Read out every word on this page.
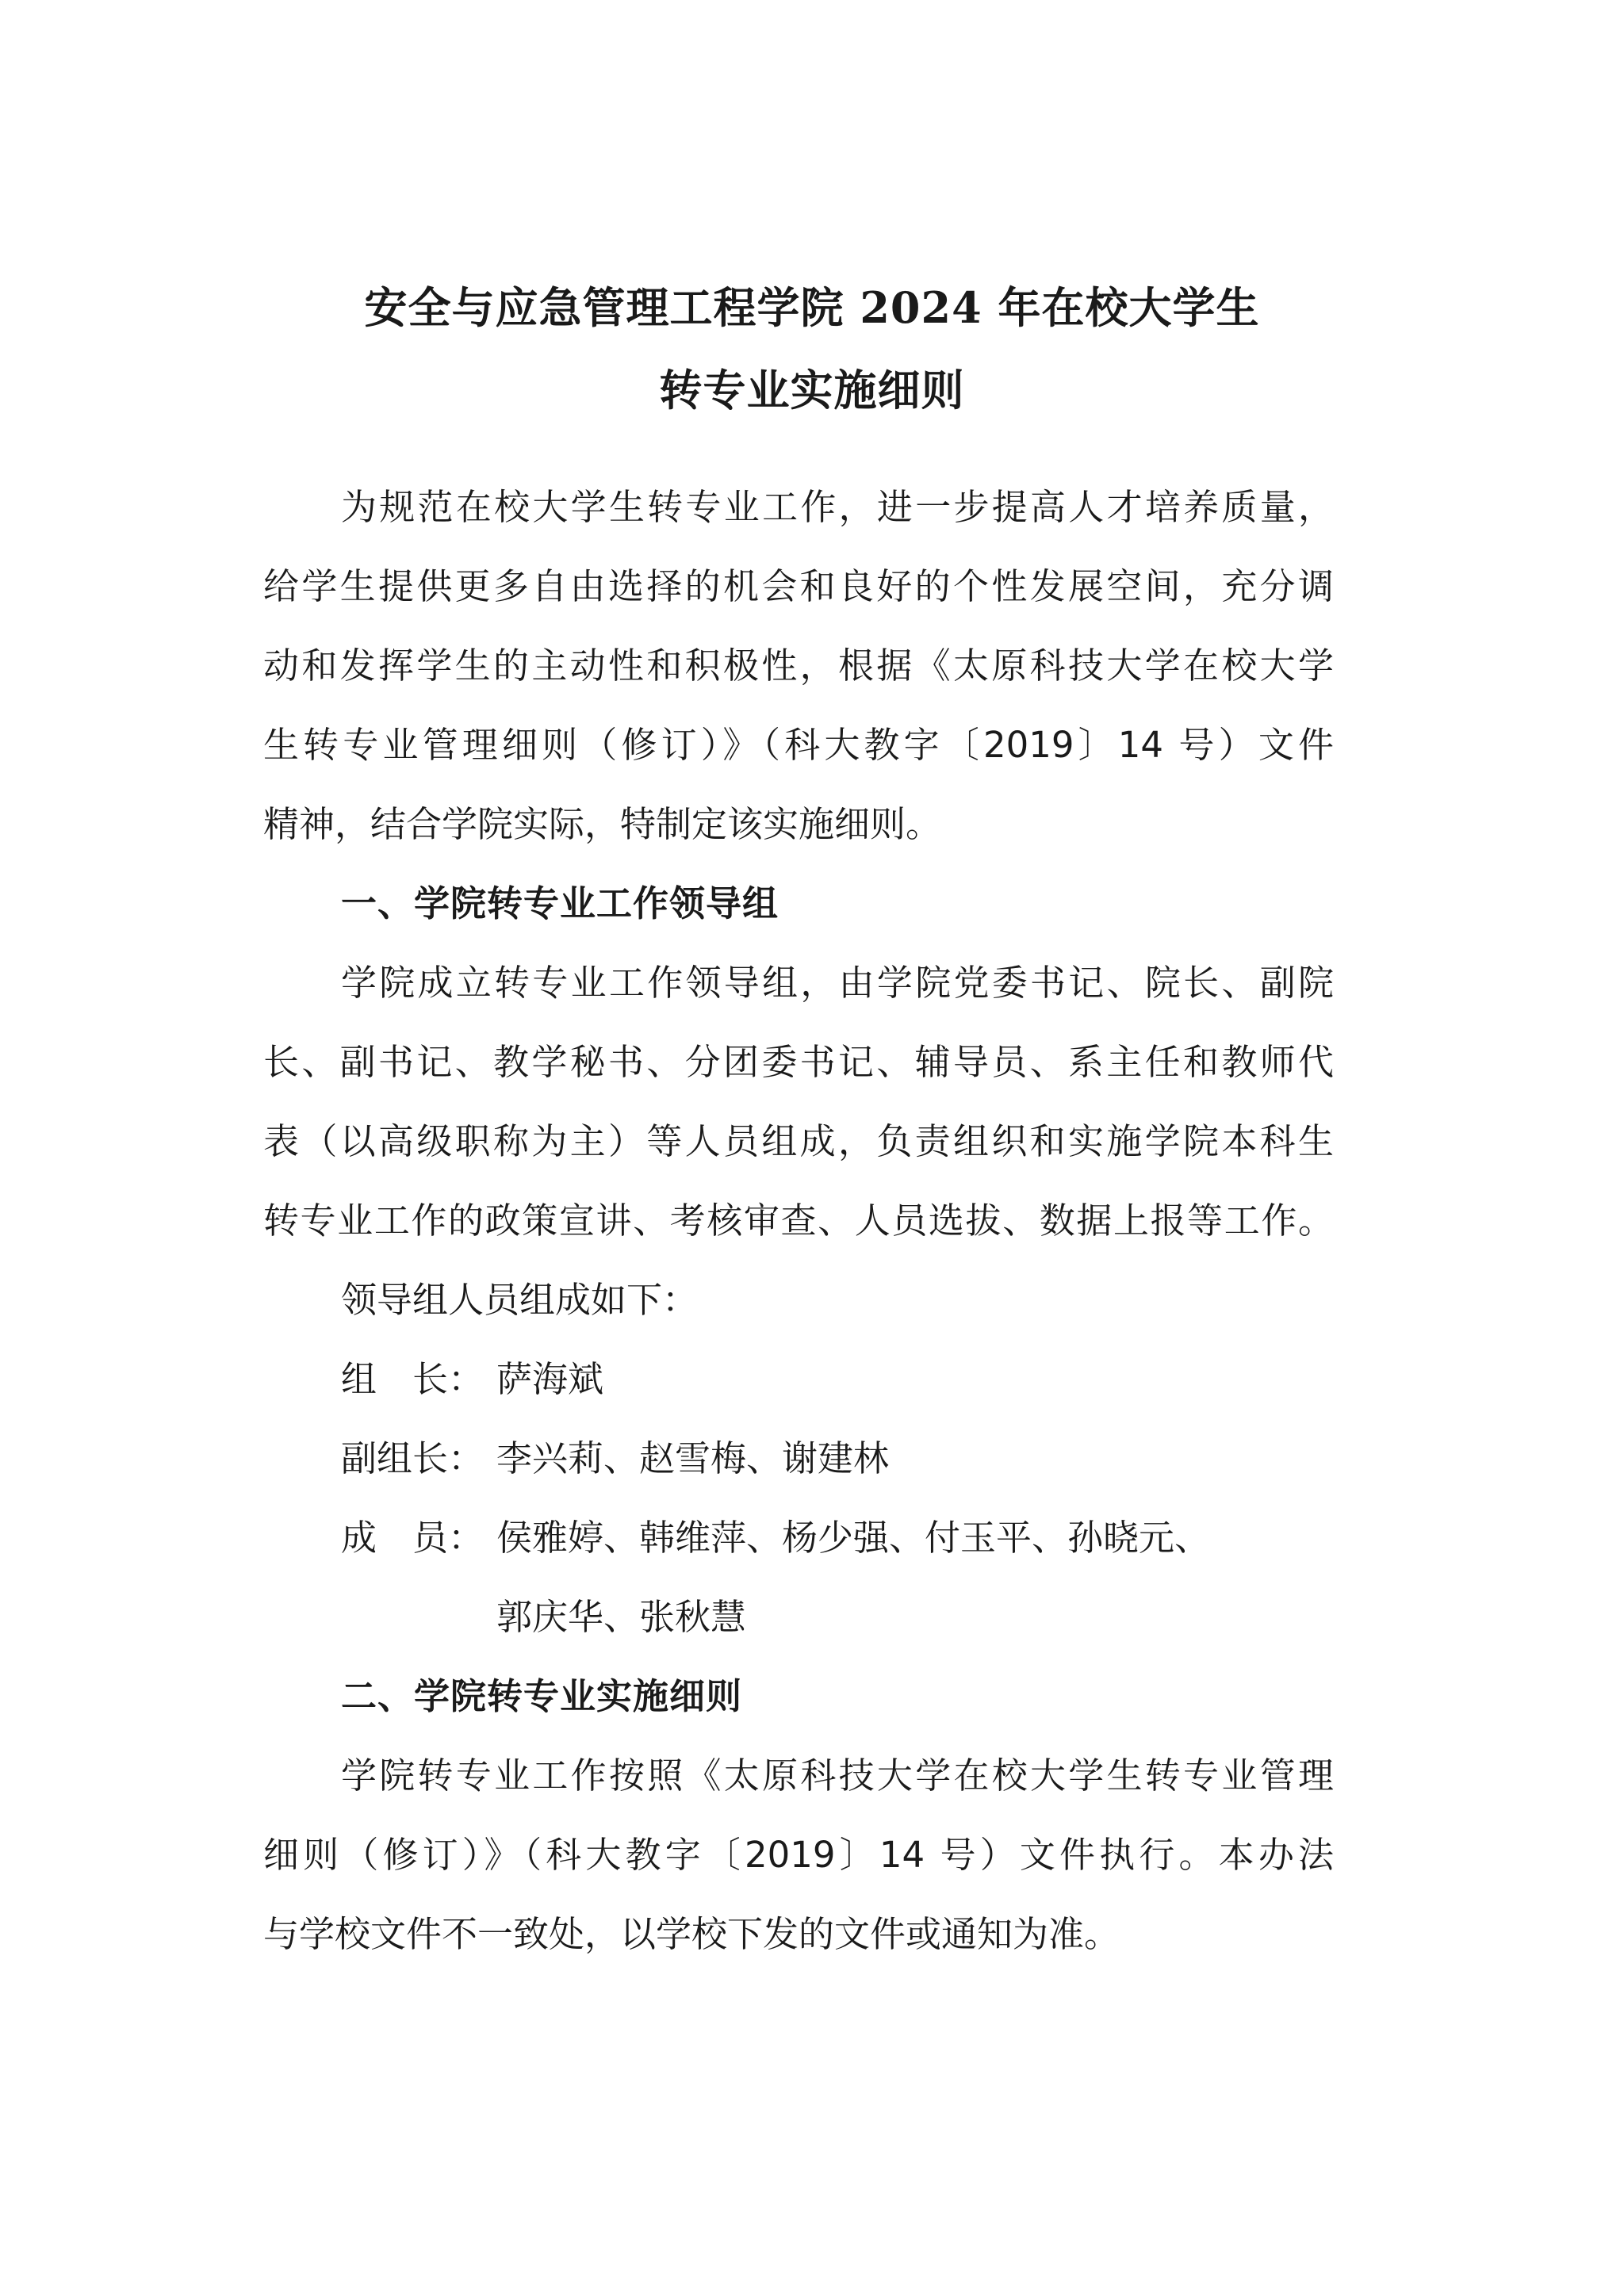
安全与应急管理工程学院 2024 年在校大学生
转专业实施细则

为规范在校大学生转专业工作，进一步提高人才培养质量，

给学生提供更多自由选择的机会和良好的个性发展空间，充分调

动和发挥学生的主动性和积极性，根据《太原科技大学在校大学

生转专业管理细则（修订）》（科大教字〔2019〕14 号）文件

精神，结合学院实际，特制定该实施细则。

一、学院转专业工作领导组

学院成立转专业工作领导组，由学院党委书记、院长、副院

长、副书记、教学秘书、分团委书记、辅导员、系主任和教师代

表（以高级职称为主）等人员组成，负责组织和实施学院本科生

转专业工作的政策宣讲、考核审查、人员选拔、数据上报等工作。

领导组人员组成如下：

组　长： 萨海斌
副组长： 李兴莉、赵雪梅、谢建林
成　员： 侯雅婷、韩维萍、杨少强、付玉平、孙晓元、
郭庆华、张秋慧

二、学院转专业实施细则

学院转专业工作按照《太原科技大学在校大学生转专业管理

细则（修订）》（科大教字〔2019〕14 号）文件执行。本办法

与学校文件不一致处，以学校下发的文件或通知为准。
